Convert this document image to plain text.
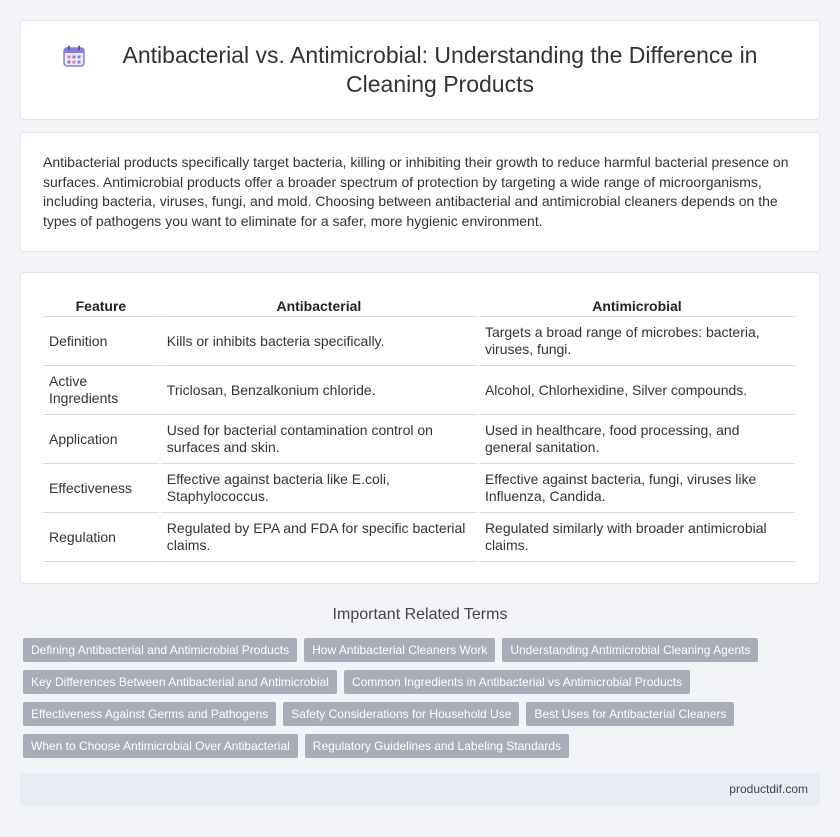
Antibacterial vs. Antimicrobial: Understanding the Difference in Cleaning Products

Antibacterial products specifically target bacteria, killing or inhibiting their growth to reduce harmful bacterial presence on surfaces. Antimicrobial products offer a broader spectrum of protection by targeting a wide range of microorganisms, including bacteria, viruses, fungi, and mold. Choosing between antibacterial and antimicrobial cleaners depends on the types of pathogens you want to eliminate for a safer, more hygienic environment.

Feature	Antibacterial	Antimicrobial
Definition	Kills or inhibits bacteria specifically.	Targets a broad range of microbes: bacteria, viruses, fungi.
Active Ingredients	Triclosan, Benzalkonium chloride.	Alcohol, Chlorhexidine, Silver compounds.
Application	Used for bacterial contamination control on surfaces and skin.	Used in healthcare, food processing, and general sanitation.
Effectiveness	Effective against bacteria like E.coli, Staphylococcus.	Effective against bacteria, fungi, viruses like Influenza, Candida.
Regulation	Regulated by EPA and FDA for specific bacterial claims.	Regulated similarly with broader antimicrobial claims.
Important Related Terms
Defining Antibacterial and Antimicrobial Products	How Antibacterial Cleaners Work	Understanding Antimicrobial Cleaning Agents
Key Differences Between Antibacterial and Antimicrobial	Common Ingredients in Antibacterial vs Antimicrobial Products
Effectiveness Against Germs and Pathogens	Safety Considerations for Household Use	Best Uses for Antibacterial Cleaners
When to Choose Antimicrobial Over Antibacterial	Regulatory Guidelines and Labeling Standards
productdif.com
